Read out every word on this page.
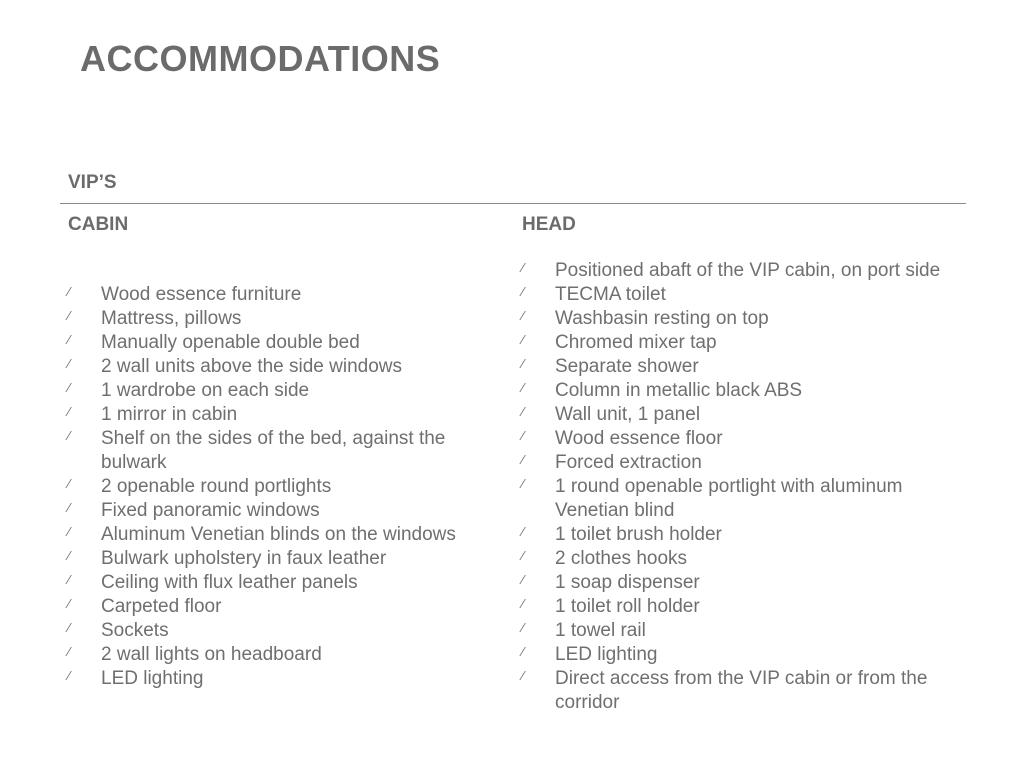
ACCOMMODATIONS
VIP’S
CABIN	HEAD
⁄ Wood essence furniture
⁄ Mattress, pillows
⁄ Manually openable double bed
⁄ 2 wall units above the side windows
⁄ 1 wardrobe on each side
⁄ 1 mirror in cabin
⁄ Shelf on the sides of the bed, against the bulwark
⁄ 2 openable round portlights
⁄ Fixed panoramic windows
⁄ Aluminum Venetian blinds on the windows
⁄ Bulwark upholstery in faux leather
⁄ Ceiling with flux leather panels
⁄ Carpeted floor
⁄ Sockets
⁄ 2 wall lights on headboard
⁄ LED lighting
⁄ Positioned abaft of the VIP cabin, on port side
⁄ TECMA toilet
⁄ Washbasin resting on top
⁄ Chromed mixer tap
⁄ Separate shower
⁄ Column in metallic black ABS
⁄ Wall unit, 1 panel
⁄ Wood essence floor
⁄ Forced extraction
⁄ 1 round openable portlight with aluminum Venetian blind
⁄ 1 toilet brush holder
⁄ 2 clothes hooks
⁄ 1 soap dispenser
⁄ 1 toilet roll holder
⁄ 1 towel rail
⁄ LED lighting
⁄ Direct access from the VIP cabin or from the corridor
